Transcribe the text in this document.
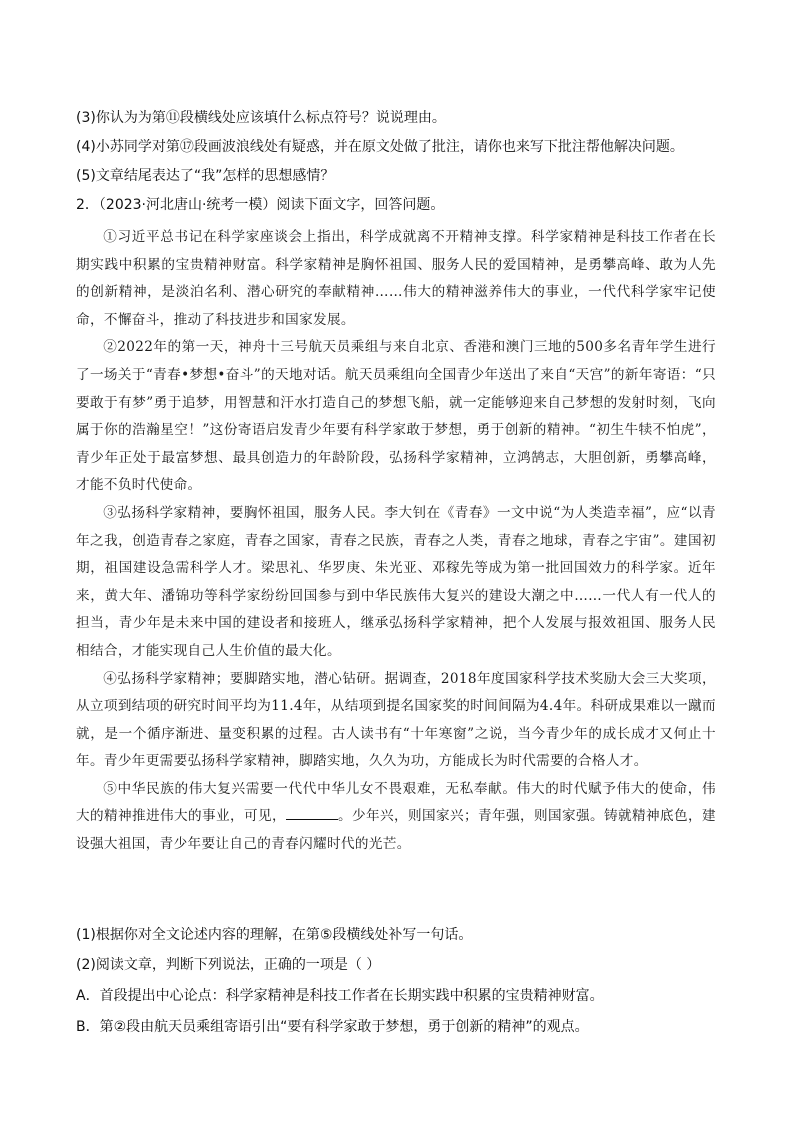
(3)你认为为第⑪段横线处应该填什么标点符号？说说理由。
(4)小苏同学对第⑰段画波浪线处有疑惑，并在原文处做了批注，请你也来写下批注帮他解决问题。
(5)文章结尾表达了“我”怎样的思想感情？
2．（2023·河北唐山·统考一模）阅读下面文字，回答问题。

①习近平总书记在科学家座谈会上指出，科学成就离不开精神支撑。科学家精神是科技工作者在长期实践中积累的宝贵精神财富。科学家精神是胸怀祖国、服务人民的爱国精神，是勇攀高峰、敢为人先的创新精神，是淡泊名利、潜心研究的奉献精神……伟大的精神滋养伟大的事业，一代代科学家牢记使命，不懈奋斗，推动了科技进步和国家发展。

②2022年的第一天，神舟十三号航天员乘组与来自北京、香港和澳门三地的500多名青年学生进行了一场关于“青春•梦想•奋斗”的天地对话。航天员乘组向全国青少年送出了来自“天宫”的新年寄语：“只要敢于有梦”勇于追梦，用智慧和汗水打造自己的梦想飞船，就一定能够迎来自己梦想的发射时刻，飞向属于你的浩瀚星空！”这份寄语启发青少年要有科学家敢于梦想，勇于创新的精神。“初生牛犊不怕虎”，青少年正处于最富梦想、最具创造力的年龄阶段，弘扬科学家精神，立鸿鹄志，大胆创新，勇攀高峰，才能不负时代使命。

③弘扬科学家精神，要胸怀祖国，服务人民。李大钊在《青春》一文中说“为人类造幸福”，应“以青年之我，创造青春之家庭，青春之国家，青春之民族，青春之人类，青春之地球，青春之宇宙”。建国初期，祖国建设急需科学人才。梁思礼、华罗庚、朱光亚、邓稼先等成为第一批回国效力的科学家。近年来，黄大年、潘锦功等科学家纷纷回国参与到中华民族伟大复兴的建设大潮之中……一代人有一代人的担当，青少年是未来中国的建设者和接班人，继承弘扬科学家精神，把个人发展与报效祖国、服务人民相结合，才能实现自己人生价值的最大化。

④弘扬科学家精神；要脚踏实地，潜心钻研。据调查，2018年度国家科学技术奖励大会三大奖项，从立项到结项的研究时间平均为11.4年，从结项到提名国家奖的时间间隔为4.4年。科研成果难以一蹴而就，是一个循序渐进、量变积累的过程。古人读书有“十年寒窗”之说，当今青少年的成长成才又何止十年。青少年更需要弘扬科学家精神，脚踏实地，久久为功，方能成长为时代需要的合格人才。

⑤中华民族的伟大复兴需要一代代中华儿女不畏艰难，无私奉献。伟大的时代赋予伟大的使命，伟大的精神推进伟大的事业，可见，	。少年兴，则国家兴；青年强，则国家强。铸就精神底色，建设强大祖国，青少年要让自己的青春闪耀时代的光芒。

(1)根据你对全文论述内容的理解，在第⑤段横线处补写一句话。
(2)阅读文章，判断下列说法，正确的一项是（ ）
A．首段提出中心论点：科学家精神是科技工作者在长期实践中积累的宝贵精神财富。
B．第②段由航天员乘组寄语引出“要有科学家敢于梦想，勇于创新的精神”的观点。
